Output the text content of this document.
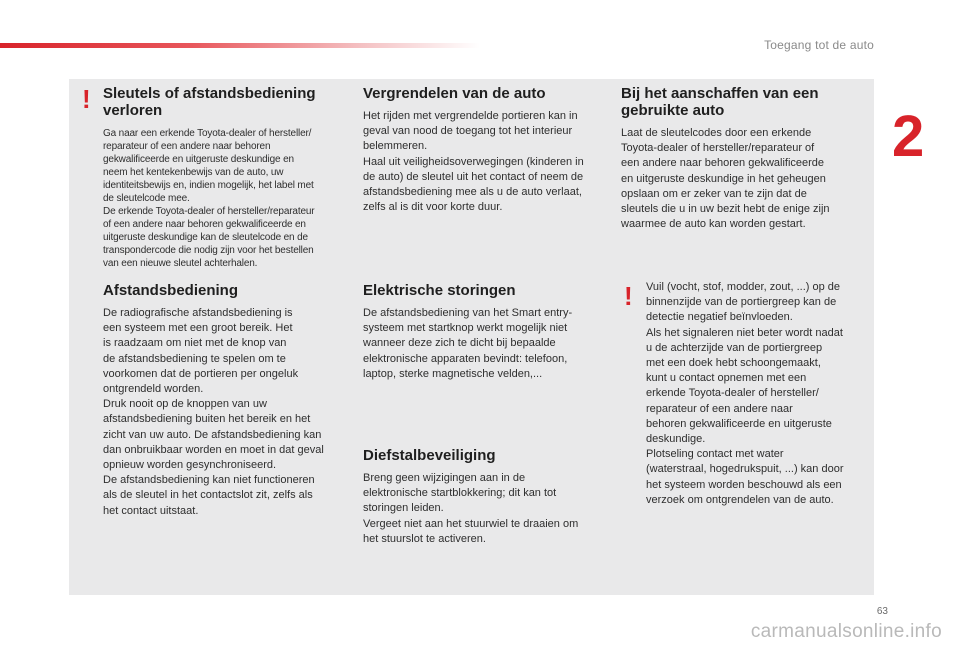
Toegang tot de auto
2
! Sleutels of afstandsbediening verloren

Ga naar een erkende Toyota-dealer of hersteller/
reparateur of een andere naar behoren
gekwalificeerde en uitgeruste deskundige en
neem het kentekenbewijs van de auto, uw
identiteitsbewijs en, indien mogelijk, het label met
de sleutelcode mee.
De erkende Toyota-dealer of hersteller/reparateur
of een andere naar behoren gekwalificeerde en
uitgeruste deskundige kan de sleutelcode en de
transpondercode die nodig zijn voor het bestellen
van een nieuwe sleutel achterhalen.

Afstandsbediening

De radiografische afstandsbediening is
een systeem met een groot bereik. Het
is raadzaam om niet met de knop van
de afstandsbediening te spelen om te
voorkomen dat de portieren per ongeluk
ontgrendeld worden.
Druk nooit op de knoppen van uw
afstandsbediening buiten het bereik en het
zicht van uw auto. De afstandsbediening kan
dan onbruikbaar worden en moet in dat geval
opnieuw worden gesynchroniseerd.
De afstandsbediening kan niet functioneren
als de sleutel in het contactslot zit, zelfs als
het contact uitstaat.

Vergrendelen van de auto

Het rijden met vergrendelde portieren kan in
geval van nood de toegang tot het interieur
belemmeren.
Haal uit veiligheidsoverwegingen (kinderen in
de auto) de sleutel uit het contact of neem de
afstandsbediening mee als u de auto verlaat,
zelfs al is dit voor korte duur.

Elektrische storingen

De afstandsbediening van het Smart entry-
systeem met startknop werkt mogelijk niet
wanneer deze zich te dicht bij bepaalde
elektronische apparaten bevindt: telefoon,
laptop, sterke magnetische velden,...

Diefstalbeveiliging

Breng geen wijzigingen aan in de
elektronische startblokkering; dit kan tot
storingen leiden.
Vergeet niet aan het stuurwiel te draaien om
het stuurslot te activeren.

Bij het aanschaffen van een gebruikte auto

Laat de sleutelcodes door een erkende
Toyota-dealer of hersteller/reparateur of
een andere naar behoren gekwalificeerde
en uitgeruste deskundige in het geheugen
opslaan om er zeker van te zijn dat de
sleutels die u in uw bezit hebt de enige zijn
waarmee de auto kan worden gestart.

! Vuil (vocht, stof, modder, zout, ...) op de
binnenzijde van de portiergreep kan de
detectie negatief beïnvloeden.
Als het signaleren niet beter wordt nadat
u de achterzijde van de portiergreep
met een doek hebt schoongemaakt,
kunt u contact opnemen met een
erkende Toyota-dealer of hersteller/
reparateur of een andere naar
behoren gekwalificeerde en uitgeruste
deskundige.
Plotseling contact met water
(waterstraal, hogedrukspuit, ...) kan door
het systeem worden beschouwd als een
verzoek om ontgrendelen van de auto.

63
carmanualsonline.info
